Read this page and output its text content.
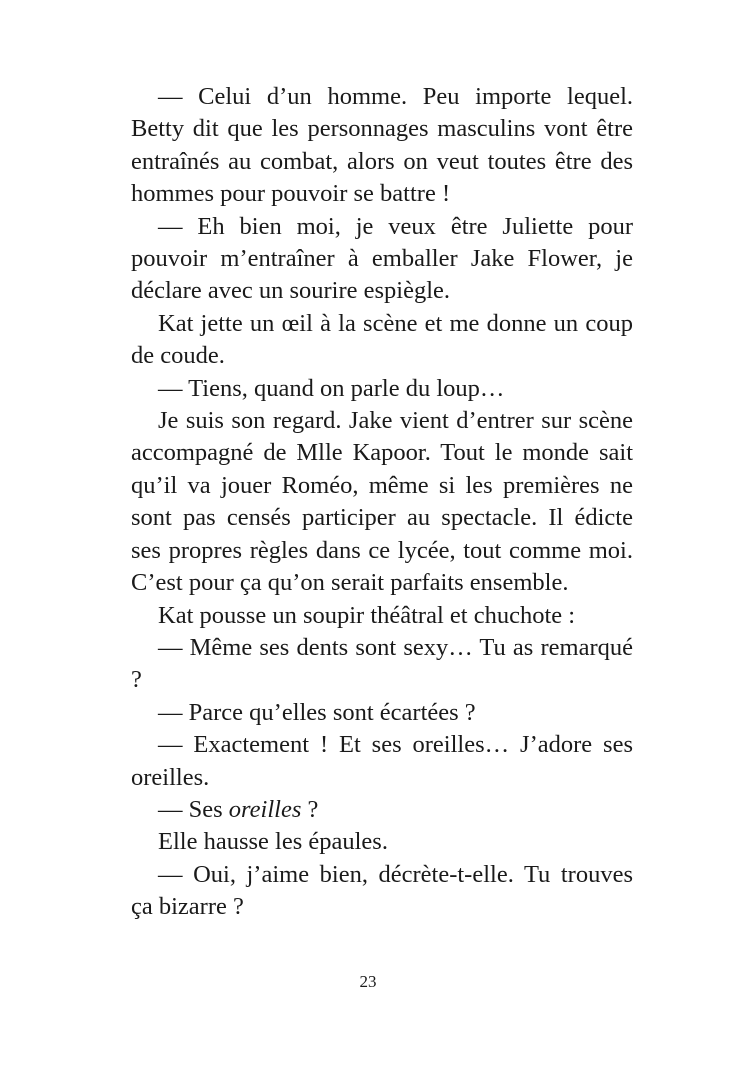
— Celui d’un homme. Peu importe lequel. Betty dit que les personnages masculins vont être entraînés au combat, alors on veut toutes être des hommes pour pouvoir se battre !

— Eh bien moi, je veux être Juliette pour pouvoir m’entraîner à emballer Jake Flower, je déclare avec un sourire espiègle.

Kat jette un œil à la scène et me donne un coup de coude.

— Tiens, quand on parle du loup…

Je suis son regard. Jake vient d’entrer sur scène accompagné de Mlle Kapoor. Tout le monde sait qu’il va jouer Roméo, même si les premières ne sont pas censés participer au spectacle. Il édicte ses propres règles dans ce lycée, tout comme moi. C’est pour ça qu’on serait parfaits ensemble.

Kat pousse un soupir théâtral et chuchote :

— Même ses dents sont sexy… Tu as remarqué ?

— Parce qu’elles sont écartées ?

— Exactement ! Et ses oreilles… J’adore ses oreilles.

— Ses oreilles ?

Elle hausse les épaules.

— Oui, j’aime bien, décrète-t-elle. Tu trouves ça bizarre ?

23
